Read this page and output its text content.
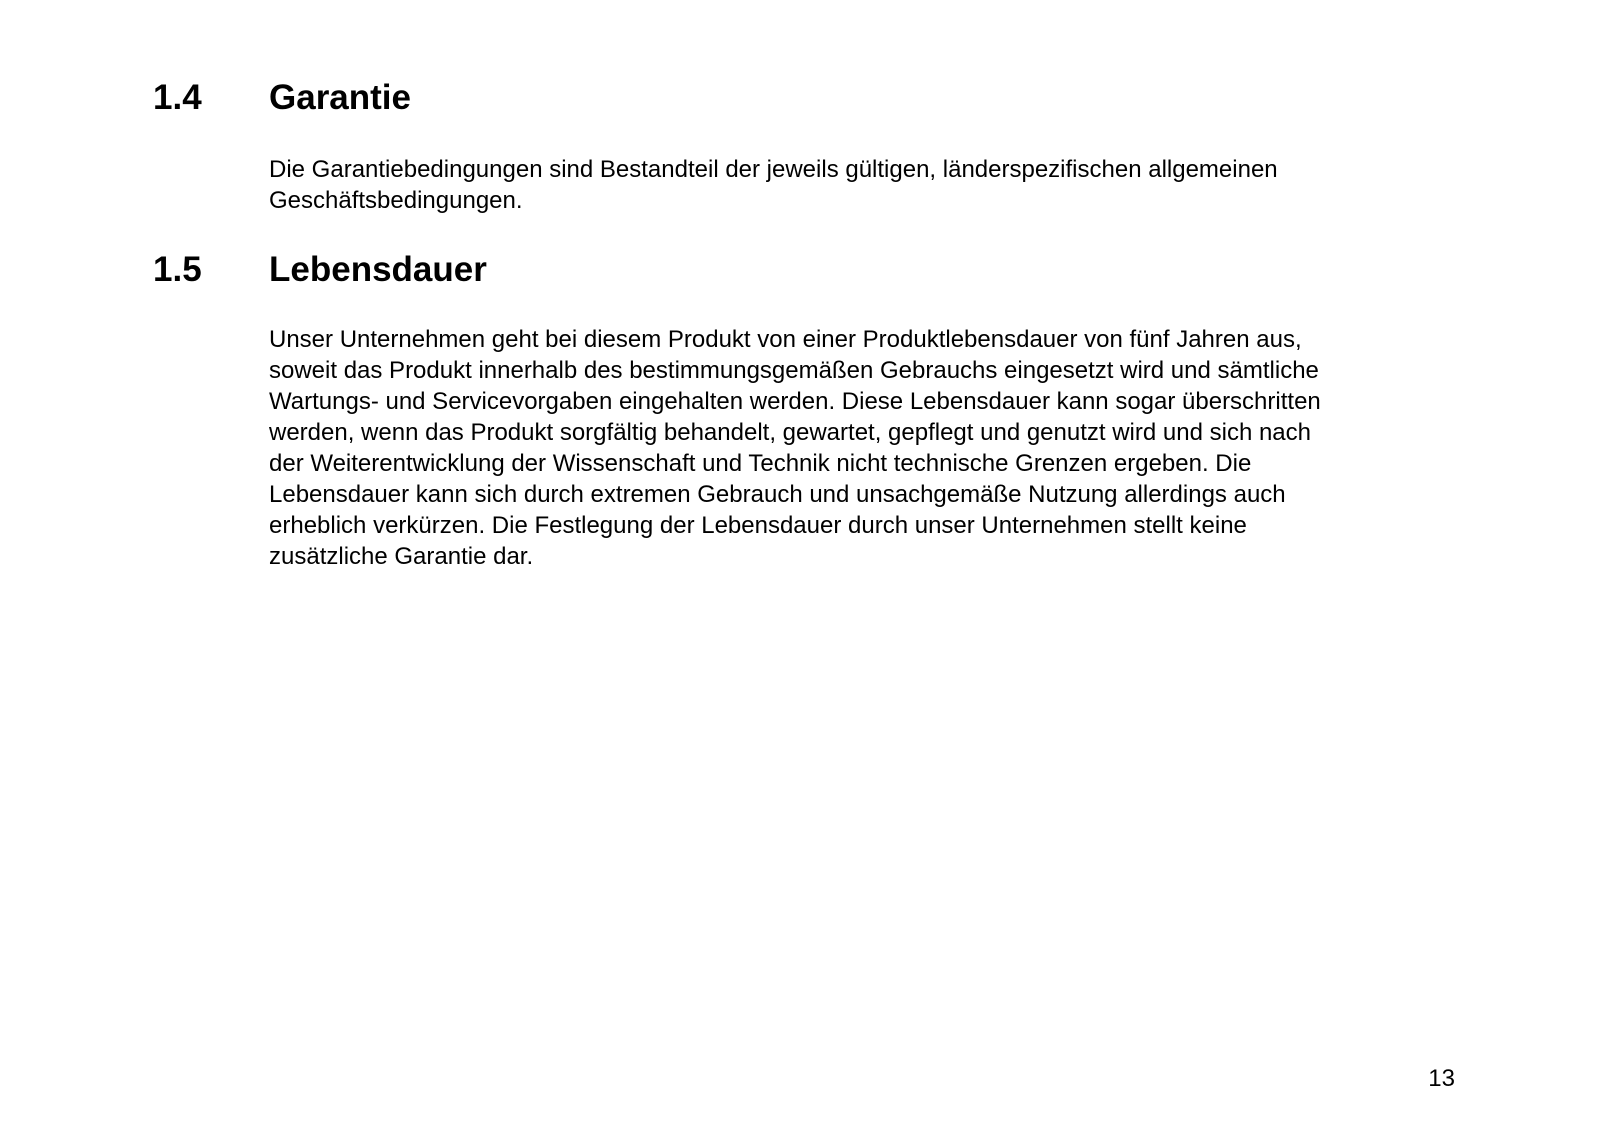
1.4 Garantie
Die Garantiebedingungen sind Bestandteil der jeweils gültigen, länderspezifischen allgemeinen
Geschäftsbedingungen.
1.5 Lebensdauer
Unser Unternehmen geht bei diesem Produkt von einer Produktlebensdauer von fünf Jahren aus,
soweit das Produkt innerhalb des bestimmungsgemäßen Gebrauchs eingesetzt wird und sämtliche
Wartungs- und Servicevorgaben eingehalten werden. Diese Lebensdauer kann sogar überschritten
werden, wenn das Produkt sorgfältig behandelt, gewartet, gepflegt und genutzt wird und sich nach
der Weiterentwicklung der Wissenschaft und Technik nicht technische Grenzen ergeben. Die
Lebensdauer kann sich durch extremen Gebrauch und unsachgemäße Nutzung allerdings auch
erheblich verkürzen. Die Festlegung der Lebensdauer durch unser Unternehmen stellt keine
zusätzliche Garantie dar.
13
